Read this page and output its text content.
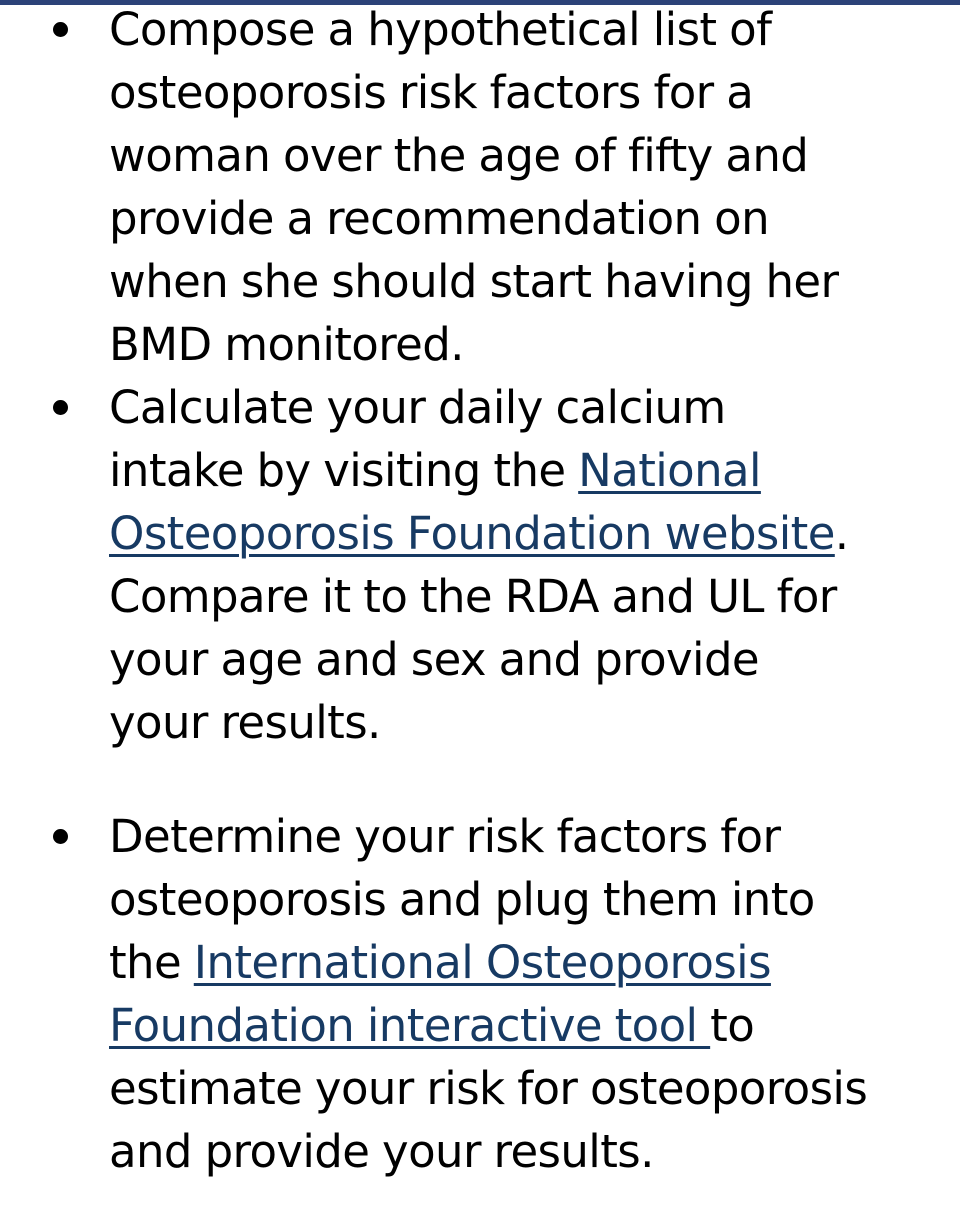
Compose a hypothetical list of osteoporosis risk factors for a woman over the age of fifty and provide a recommendation on when she should start having her BMD monitored.
Calculate your daily calcium intake by visiting the National Osteoporosis Foundation website. Compare it to the RDA and UL for your age and sex and provide your results.
Determine your risk factors for osteoporosis and plug them into the International Osteoporosis Foundation interactive tool to estimate your risk for osteoporosis and provide your results.
